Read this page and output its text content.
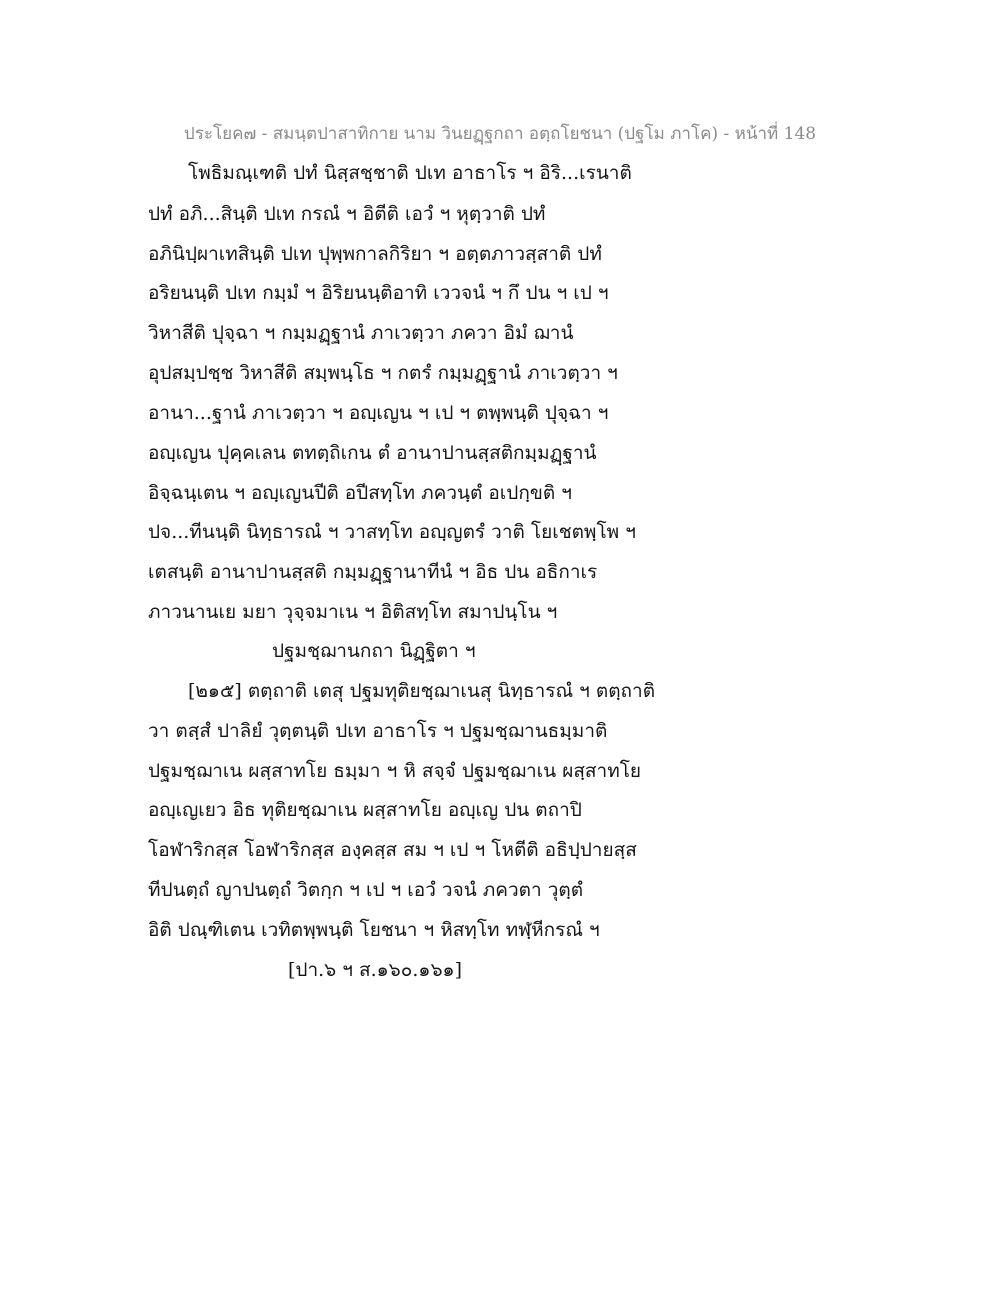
ประโยค๗ - สมนฺตปาสาทิกาย นาม วินยฏฺฐกถา อตฺถโยชนา (ปฐโม ภาโค) - หน้าที่ 148
โพธิมณฺเฑติ ปทํ นิสฺสชฺชาติ ปเท อาธาโร ฯ อิริ...เรนาติ
ปทํ อภิ...สินฺติ ปเท กรณํ ฯ อิตีติ เอวํ ฯ หุตฺวาติ ปทํ
อภินิปฺผาเทสินฺติ ปเท ปุพฺพกาลกิริยา ฯ อตฺตภาวสฺสาติ ปทํ
อริยนนฺติ ปเท กมฺมํ ฯ อิริยนนฺติอาทิ เววจนํ ฯ กึ ปน ฯ เป ฯ
วิหาสีติ ปุจฺฉา ฯ กมฺมฏฺฐานํ ภาเวตฺวา ภควา อิมํ ฌานํ
อุปสมฺปชฺช วิหาสีติ สมฺพนฺโธ ฯ กตรํ กมฺมฏฺฐานํ ภาเวตฺวา ฯ
อานา...ฐานํ ภาเวตฺวา ฯ อญฺเญน ฯ เป ฯ ตพฺพนฺติ ปุจฺฉา ฯ
อญฺเญน ปุคฺคเลน ตทตฺถิเกน ตํ อานาปานสฺสติกมฺมฏฺฐานํ
อิจฺฉนฺเตน ฯ อญฺเญนปีติ อปีสทฺโท ภควนฺตํ อเปกฺขติ ฯ
ปจ...ทีนนฺติ นิทฺธารณํ ฯ วาสทฺโท อญฺญตรํ วาติ โยเชตพฺโพ ฯ
เตสนฺติ อานาปานสฺสติ กมฺมฏฺฐานาทีนํ ฯ อิธ ปน อธิกาเร
ภาวนานเย มยา วุจฺจมาเน ฯ อิติสทฺโท สมาปนฺโน ฯ
ปฐมชฺฌานกถา นิฏฺฐิตา ฯ
[๒๑๕] ตตฺถาติ เตสุ ปฐมทุติยชฺฌาเนสุ นิทฺธารณํ ฯ ตตฺถาติ
วา ตสฺสํ ปาลิยํ วุตฺตนฺติ ปเท อาธาโร ฯ ปฐมชฺฌานธมฺมาติ
ปฐมชฺฌาเน ผสฺสาทโย ธมฺมา ฯ หิ สจฺจํ ปฐมชฺฌาเน ผสฺสาทโย
อญฺเญเยว อิธ ทุติยชฺฌาเน ผสฺสาทโย อญฺเญ ปน ตถาปิ
โอฬาริกสฺส โอฬาริกสฺส องฺคสฺส สม ฯ เป ฯ โหตีติ อธิปฺปายสฺส
ทีปนตฺถํ ญาปนตฺถํ วิตกฺก ฯ เป ฯ เอวํ วจนํ ภควตา วุตฺตํ
อิติ ปณฺฑิเตน เวทิตพฺพนฺติ โยชนา ฯ หิสทฺโท ทฬฺหีกรณํ ฯ
[ปา.๖ ฯ ส.๑๖๐.๑๖๑]
